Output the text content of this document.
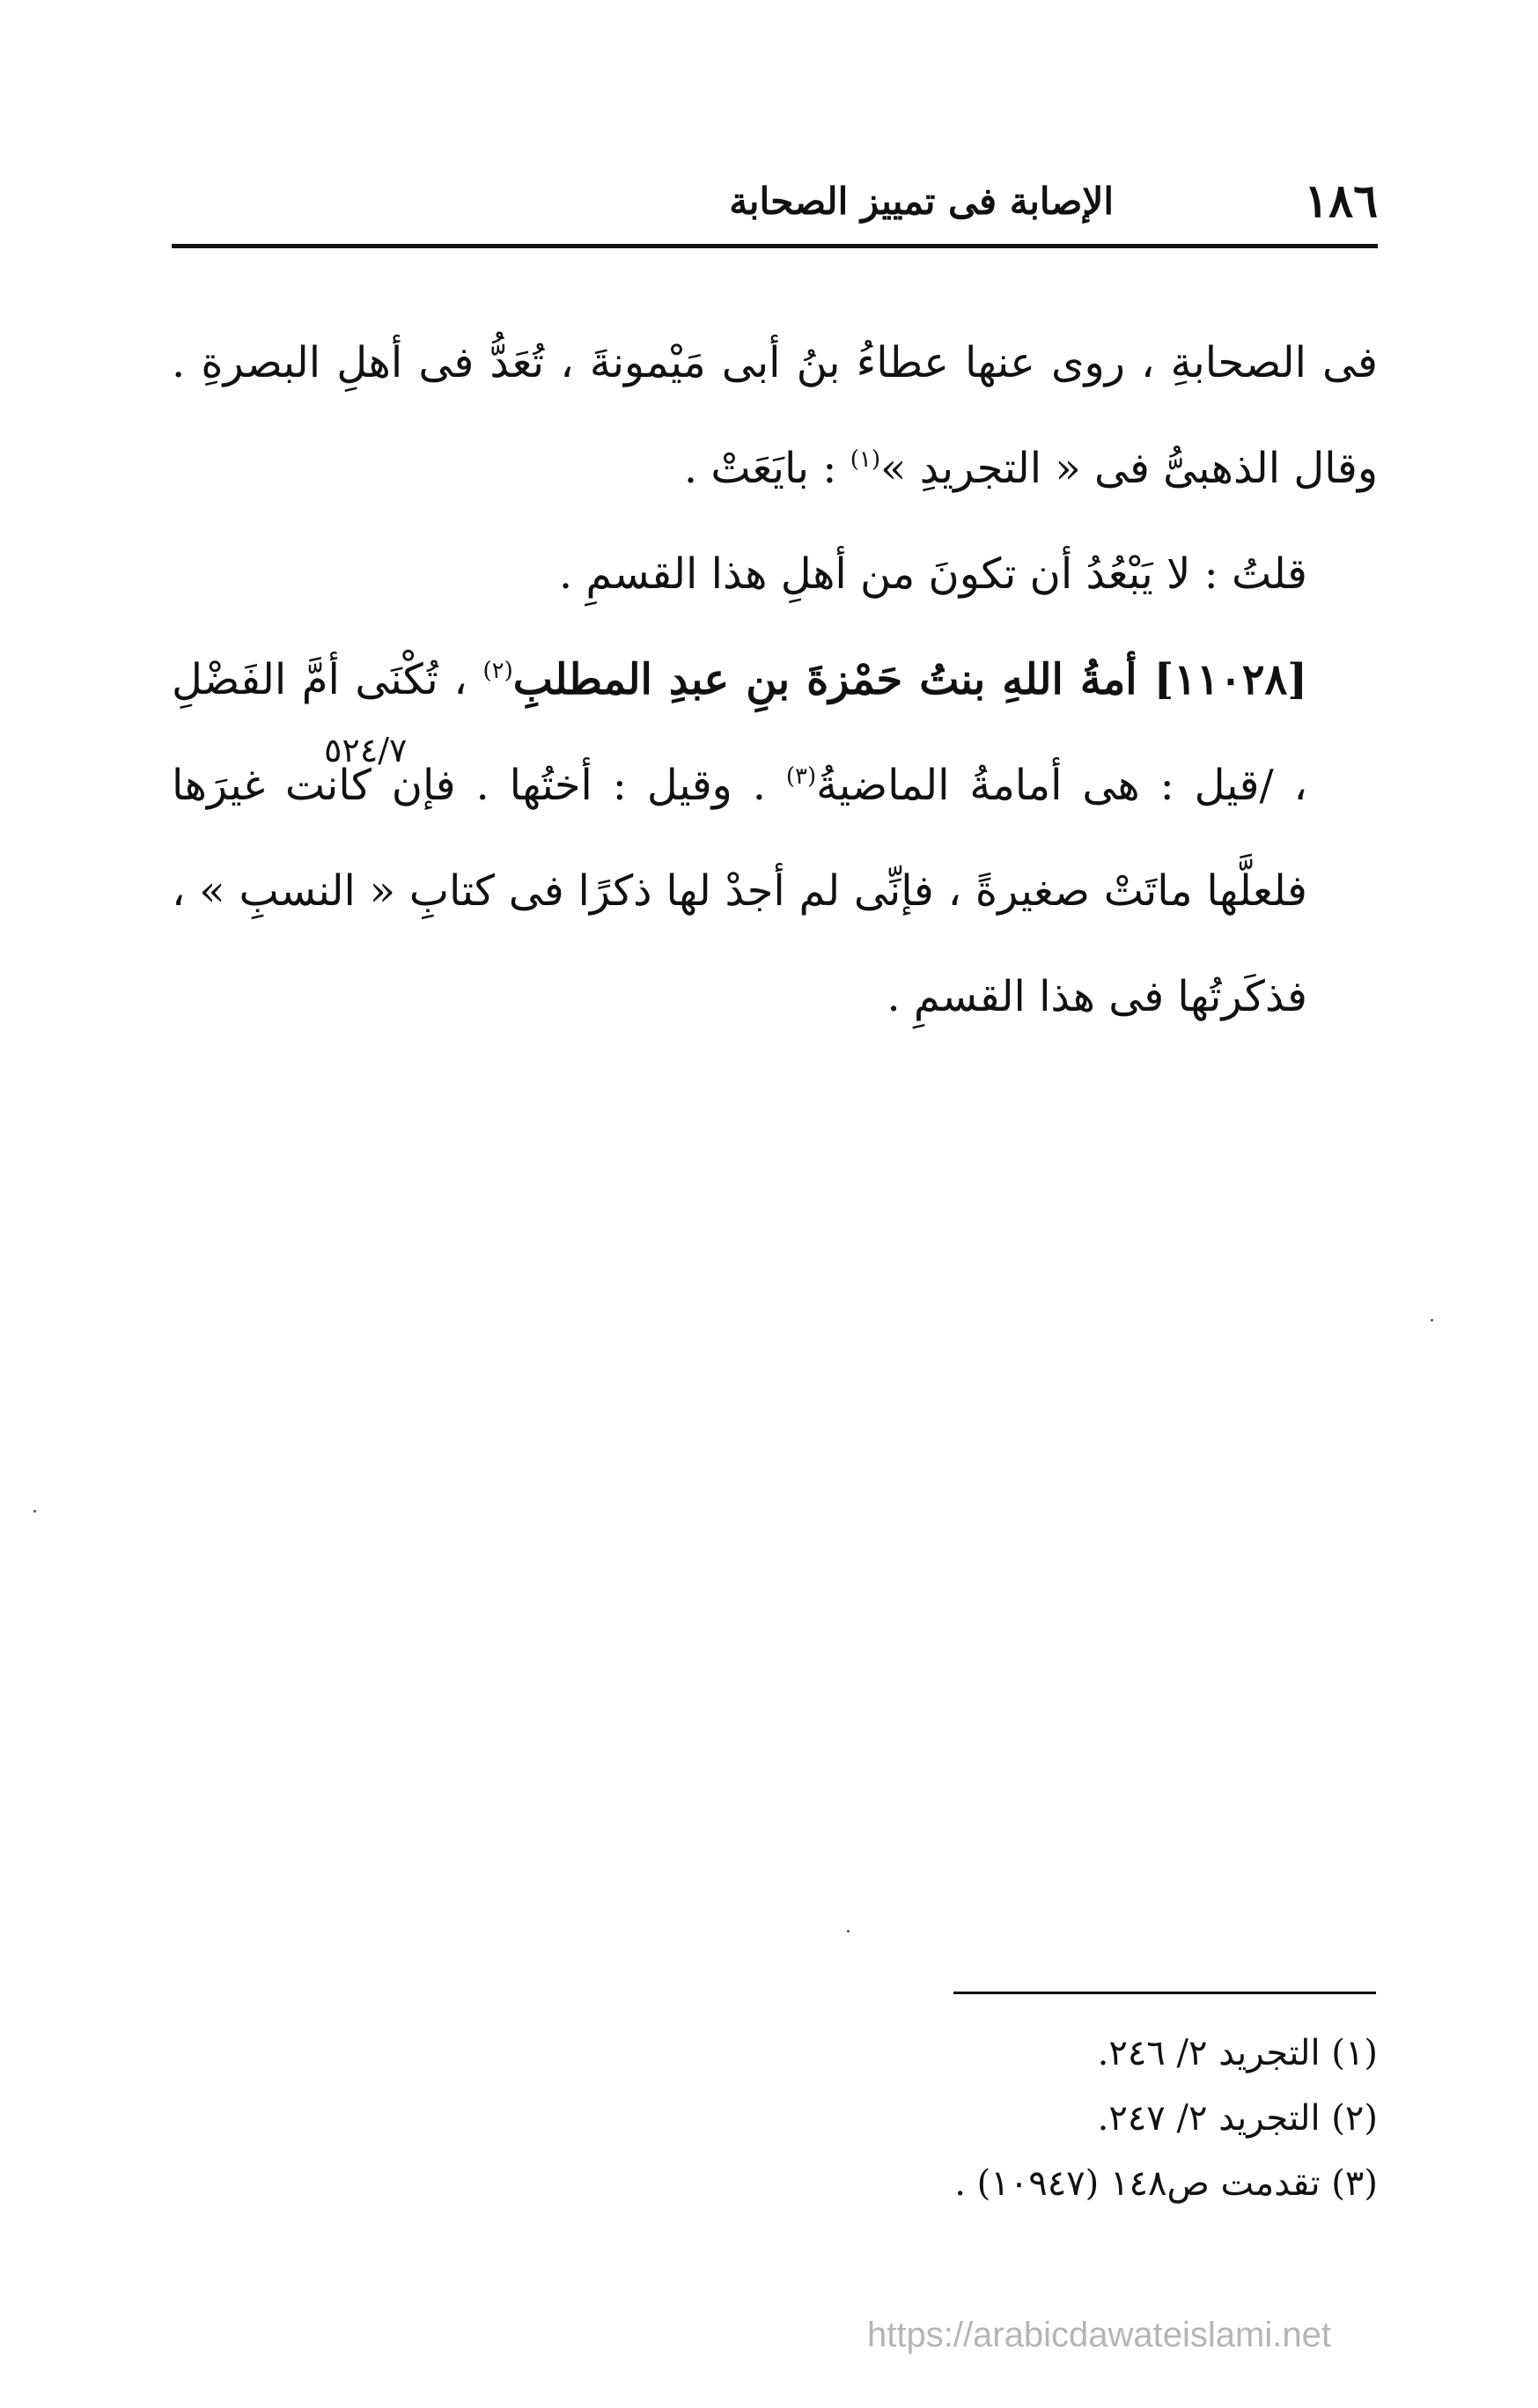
١٨٦
الإصابة فى تمييز الصحابة

فى الصحابةِ ، روى عنها عطاءُ بنُ أبى مَيْمونةَ ، تُعَدُّ فى أهلِ البصرةِ . وقال الذهبىُّ فى « التجريدِ »$^{(١)}$ : بايَعَتْ .

قلتُ : لا يَبْعُدُ أن تكونَ من أهلِ هذا القسمِ .

[١١٠٢٨] أمةُ اللهِ بنتُ حَمْزةَ بنِ عبدِ المطلبِ$^{(٢)}$ ، تُكْنَى أمَّ الفَضْلِ ، /قيل : هى أمامةُ الماضيةُ$^{(٣)}$ . وقيل : أختُها . فإن كانت غيرَها فلعلَّها ماتَتْ صغيرةً ، فإنِّى لم أجدْ لها ذكرًا فى كتابِ « النسبِ » ، فذكَرتُها فى هذا القسمِ .

٥٢٤/٧

(١) التجريد ٢/ ٢٤٦.

(٢) التجريد ٢/ ٢٤٧.

(٣) تقدمت ص١٤٨ (١٠٩٤٧) .

https://arabicdawateislami.net
